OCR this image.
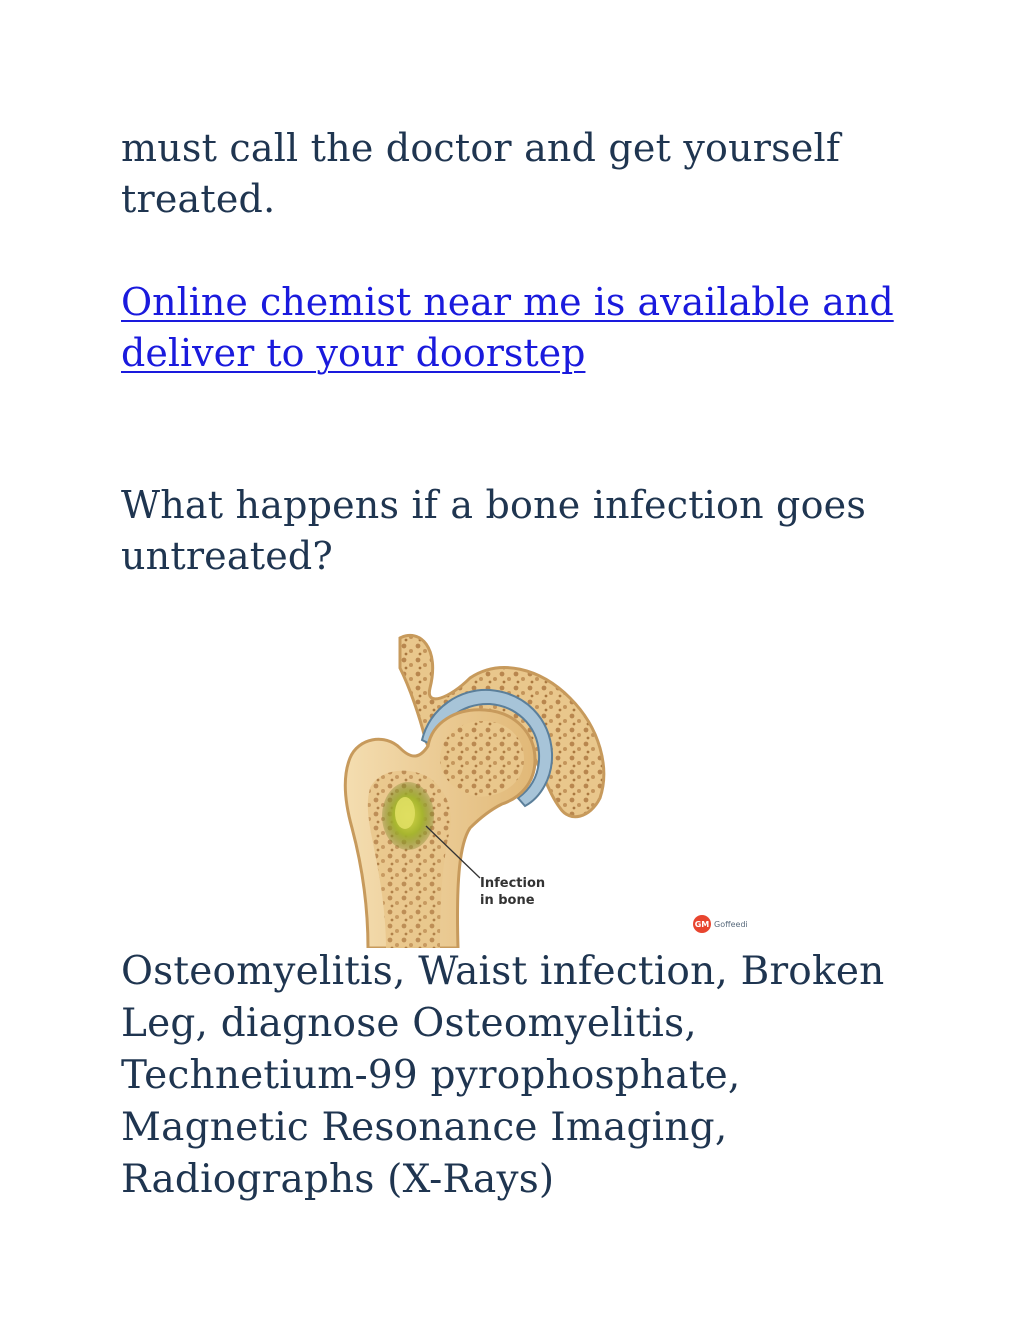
must call the doctor and get yourself treated.

Online chemist near me is available and deliver to your doorstep

What happens if a bone infection goes untreated?

Infection
in bone
GM Goffeedi

Osteomyelitis, Waist infection, Broken Leg, diagnose Osteomyelitis, Technetium-99 pyrophosphate, Magnetic Resonance Imaging, Radiographs (X-Rays)
